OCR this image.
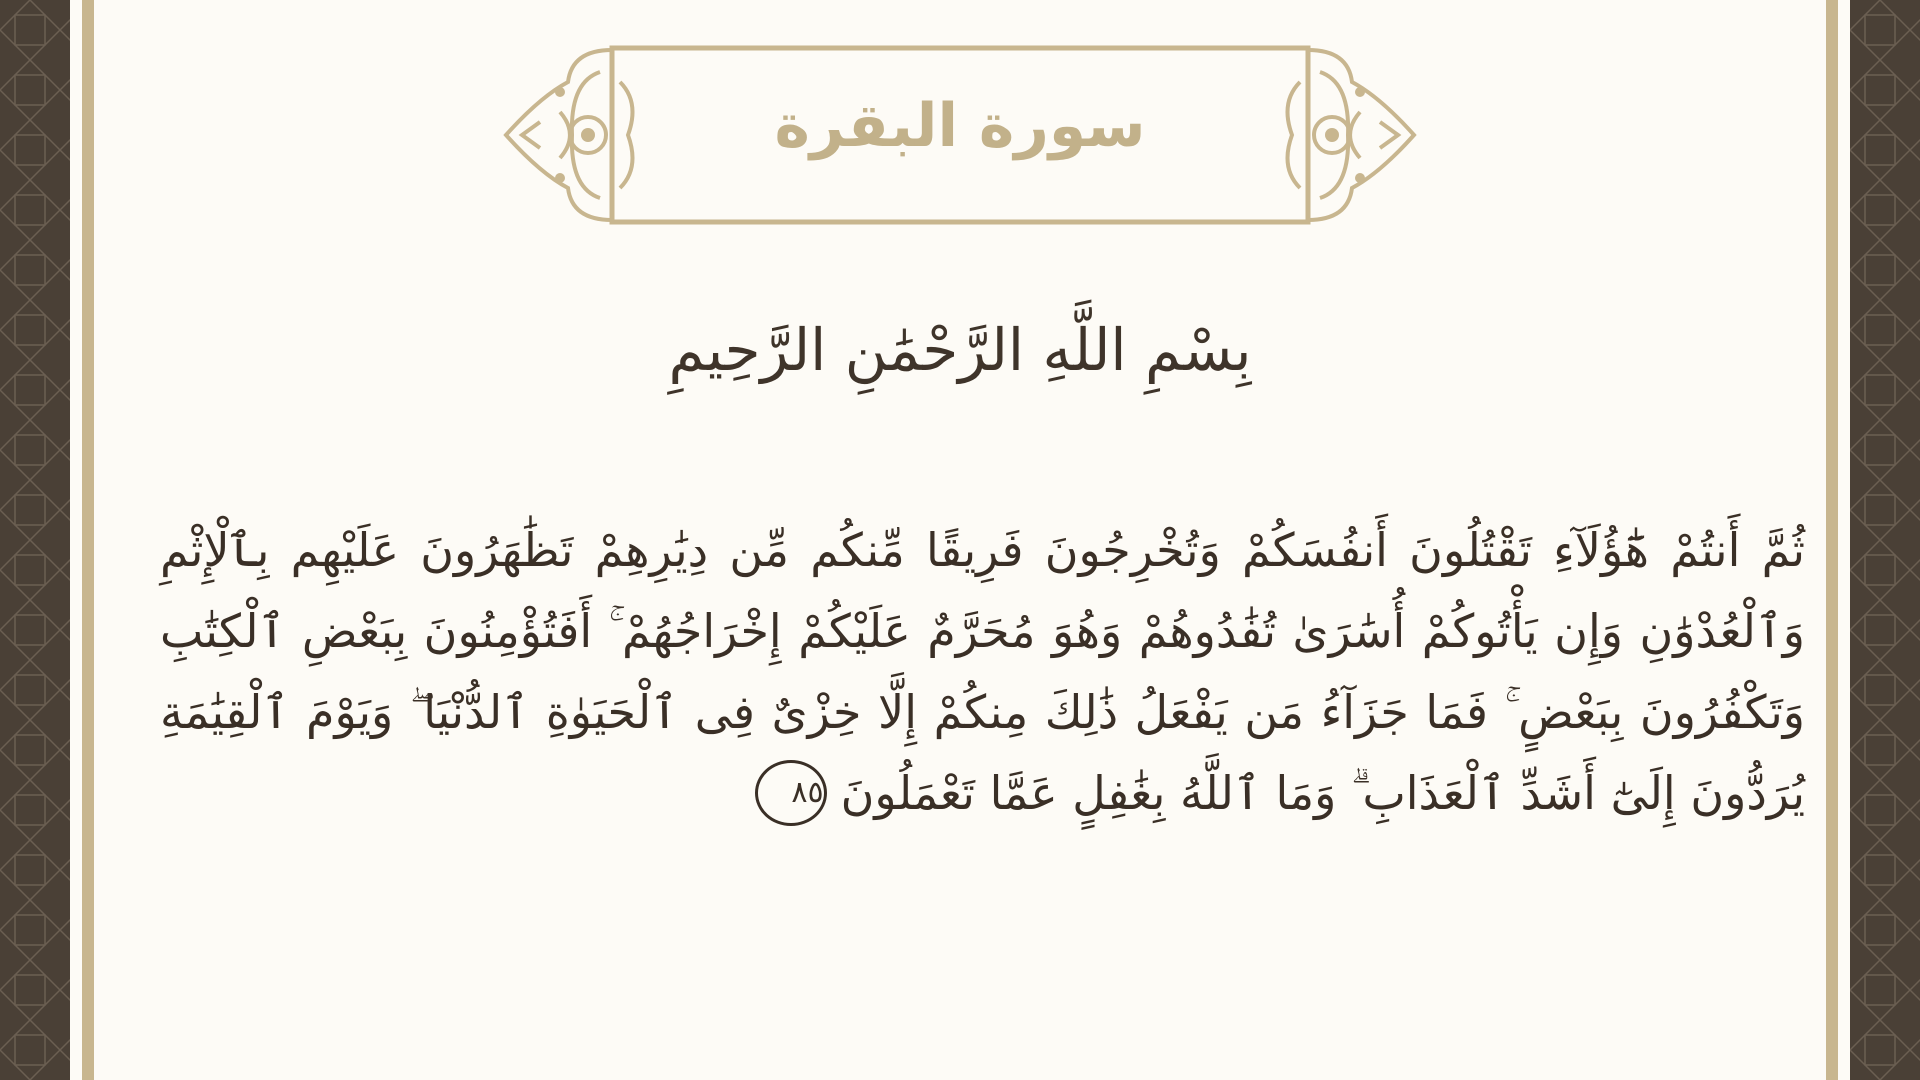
سورة البقرة
بِسْمِ اللَّهِ الرَّحْمَٰنِ الرَّحِيمِ
ثُمَّ أَنتُمْ هَٰٓؤُلَآءِ تَقْتُلُونَ أَنفُسَكُمْ وَتُخْرِجُونَ فَرِيقًا مِّنكُم مِّن دِيَٰرِهِمْ تَظَٰهَرُونَ عَلَيْهِم بِٱلْإِثْمِ وَٱلْعُدْوَٰنِ وَإِن يَأْتُوكُمْ أُسَٰرَىٰ تُفَٰدُوهُمْ وَهُوَ مُحَرَّمٌ عَلَيْكُمْ إِخْرَاجُهُمْ ۚ أَفَتُؤْمِنُونَ بِبَعْضِ ٱلْكِتَٰبِ وَتَكْفُرُونَ بِبَعْضٍ ۚ فَمَا جَزَآءُ مَن يَفْعَلُ ذَٰلِكَ مِنكُمْ إِلَّا خِزْىٌ فِى ٱلْحَيَوٰةِ ٱلدُّنْيَا ۖ وَيَوْمَ ٱلْقِيَٰمَةِ يُرَدُّونَ إِلَىٰٓ أَشَدِّ ٱلْعَذَابِ ۗ وَمَا ٱللَّهُ بِغَٰفِلٍ عَمَّا تَعْمَلُونَ٨٥
